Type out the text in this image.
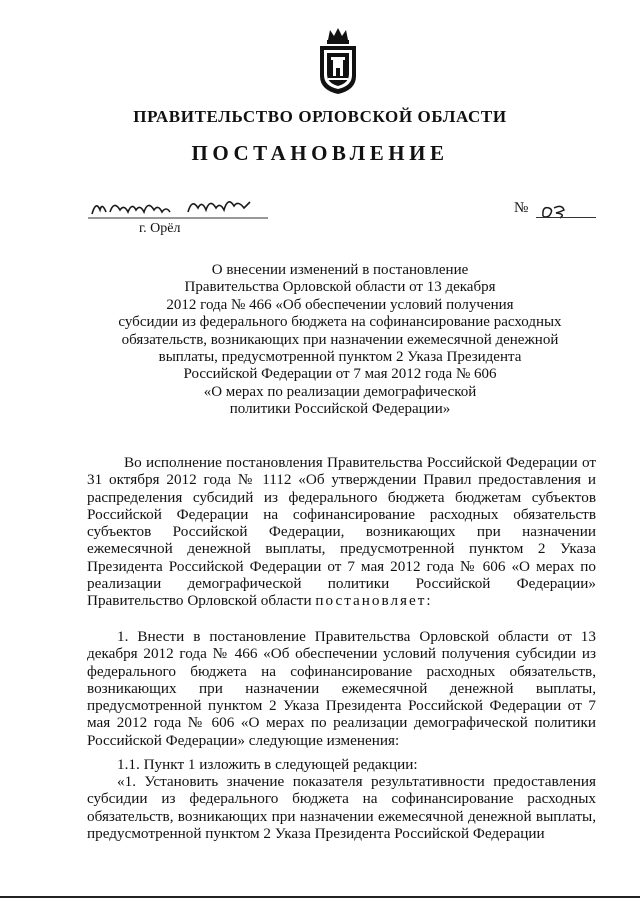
ПРАВИТЕЛЬСТВО ОРЛОВСКОЙ ОБЛАСТИ
ПОСТАНОВЛЕНИЕ
г. Орёл
№
О внесении изменений в постановление
Правительства Орловской области от 13 декабря
2012 года № 466 «Об обеспечении условий получения
субсидии из федерального бюджета на софинансирование расходных
обязательств, возникающих при назначении ежемесячной денежной
выплаты, предусмотренной пунктом 2 Указа Президента
Российской Федерации от 7 мая 2012 года № 606
«О мерах по реализации демографической
политики Российской Федерации»
Во исполнение постановления Правительства Российской Федерации от 31 октября 2012 года № 1112 «Об утверждении Правил предоставления и распределения субсидий из федерального бюджета бюджетам субъектов Российской Федерации на софинансирование расходных обязательств субъектов Российской Федерации, возникающих при назначении ежемесячной денежной выплаты, предусмотренной пунктом 2 Указа Президента Российской Федерации от 7 мая 2012 года № 606 «О мерах по реализации демографической политики Российской Федерации» Правительство Орловской области постановляет:
1. Внести в постановление Правительства Орловской области от 13 декабря 2012 года № 466 «Об обеспечении условий получения субсидии из федерального бюджета на софинансирование расходных обязательств, возникающих при назначении ежемесячной денежной выплаты, предусмотренной пунктом 2 Указа Президента Российской Федерации от 7 мая 2012 года № 606 «О мерах по реализации демографической политики Российской Федерации» следующие изменения:
1.1. Пункт 1 изложить в следующей редакции:
«1. Установить значение показателя результативности предоставления субсидии из федерального бюджета на софинансирование расходных обязательств, возникающих при назначении ежемесячной денежной выплаты, предусмотренной пунктом 2 Указа Президента Российской Федерации
